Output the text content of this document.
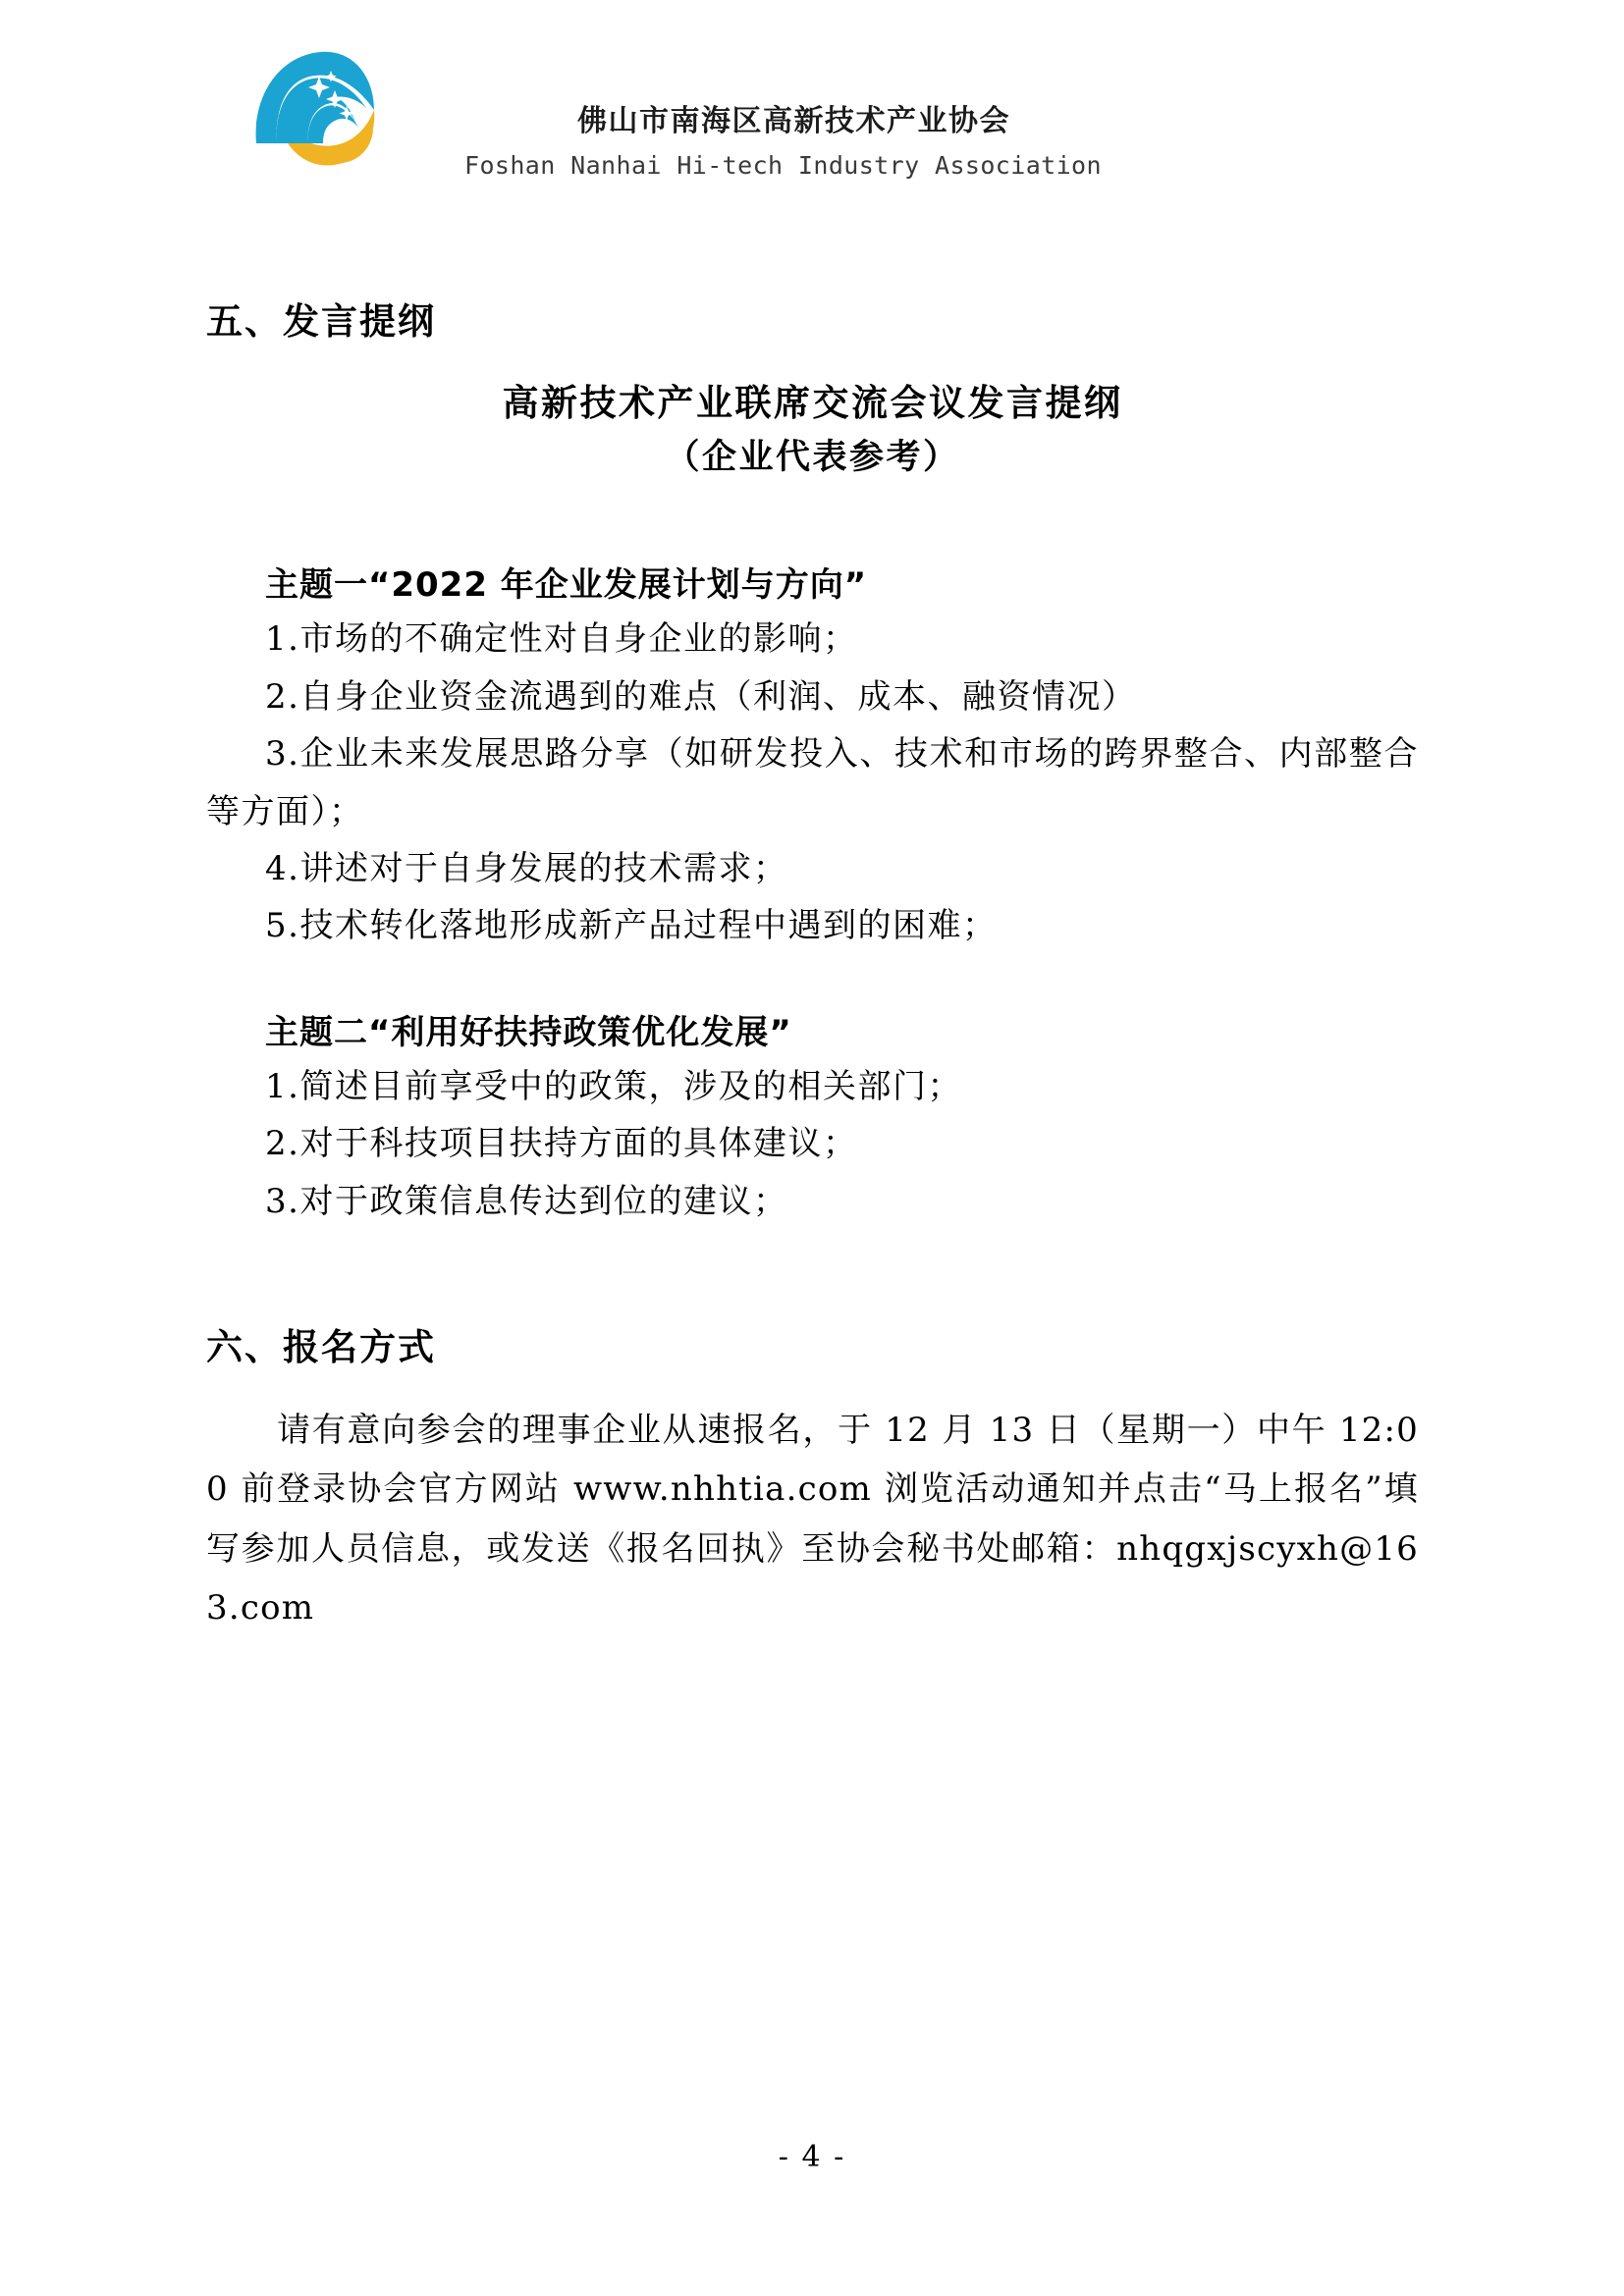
佛山市南海区高新技术产业协会
Foshan Nanhai Hi-tech Industry Association
五、发言提纲
高新技术产业联席交流会议发言提纲
（企业代表参考）
主题一“2022 年企业发展计划与方向”

1.市场的不确定性对自身企业的影响；

2.自身企业资金流遇到的难点（利润、成本、融资情况）

3.企业未来发展思路分享（如研发投入、技术和市场的跨界整合、内部整合等方面）；

4.讲述对于自身发展的技术需求；

5.技术转化落地形成新产品过程中遇到的困难；

主题二“利用好扶持政策优化发展”

1.简述目前享受中的政策，涉及的相关部门；

2.对于科技项目扶持方面的具体建议；

3.对于政策信息传达到位的建议；

六、报名方式

请有意向参会的理事企业从速报名，于 12 月 13 日（星期一）中午 12:00 前登录协会官方网站 www.nhhtia.com 浏览活动通知并点击“马上报名”填写参加人员信息，或发送《报名回执》至协会秘书处邮箱：nhqgxjscyxh@163.com

- 4 -
